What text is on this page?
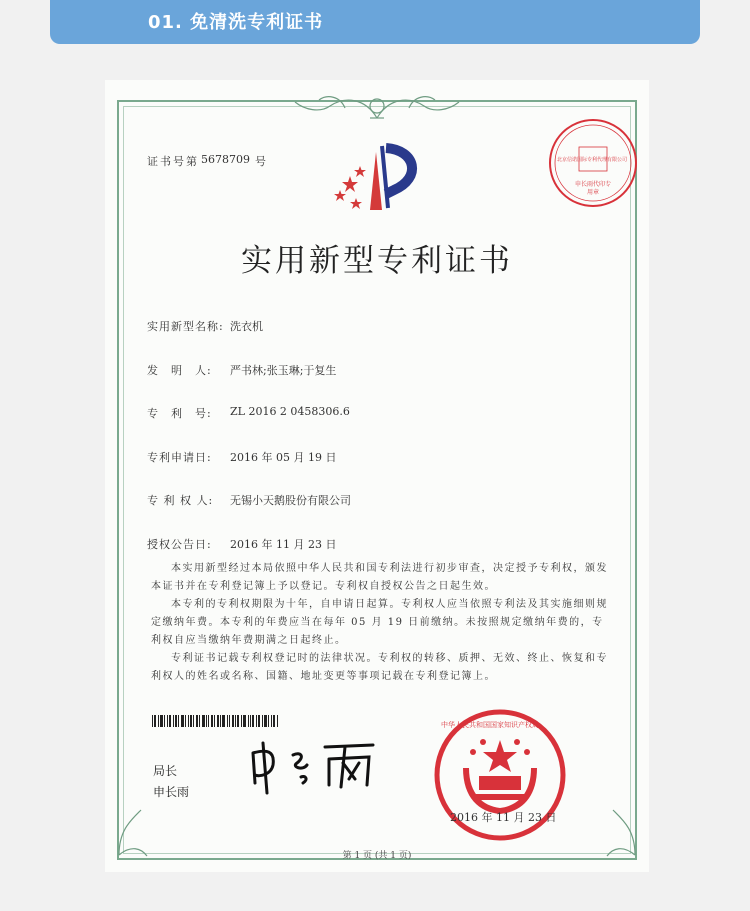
01. 免清洗专利证书
证书号第 5678709 号
申长雨代印专用章
北京信诺国际专利代理有限公司
实用新型专利证书
实用新型名称: 洗衣机
发　明　人: 严书林;张玉琳;于复生
专　利　号: ZL 2016 2 0458306.6
专利申请日: 2016 年 05 月 19 日
专 利 权 人: 无锡小天鹅股份有限公司
授权公告日: 2016 年 11 月 23 日

本实用新型经过本局依照中华人民共和国专利法进行初步审查，决定授予专利权，颁发本证书并在专利登记簿上予以登记。专利权自授权公告之日起生效。

本专利的专利权期限为十年，自申请日起算。专利权人应当依照专利法及其实施细则规定缴纳年费。本专利的年费应当在每年 05 月 19 日前缴纳。未按照规定缴纳年费的，专利权自应当缴纳年费期满之日起终止。

专利证书记载专利权登记时的法律状况。专利权的转移、质押、无效、终止、恢复和专利权人的姓名或名称、国籍、地址变更等事项记载在专利登记簿上。

局长
申长雨
中华人民共和国国家知识产权局
2016 年 11 月 23 日
第 1 页 (共 1 页)
